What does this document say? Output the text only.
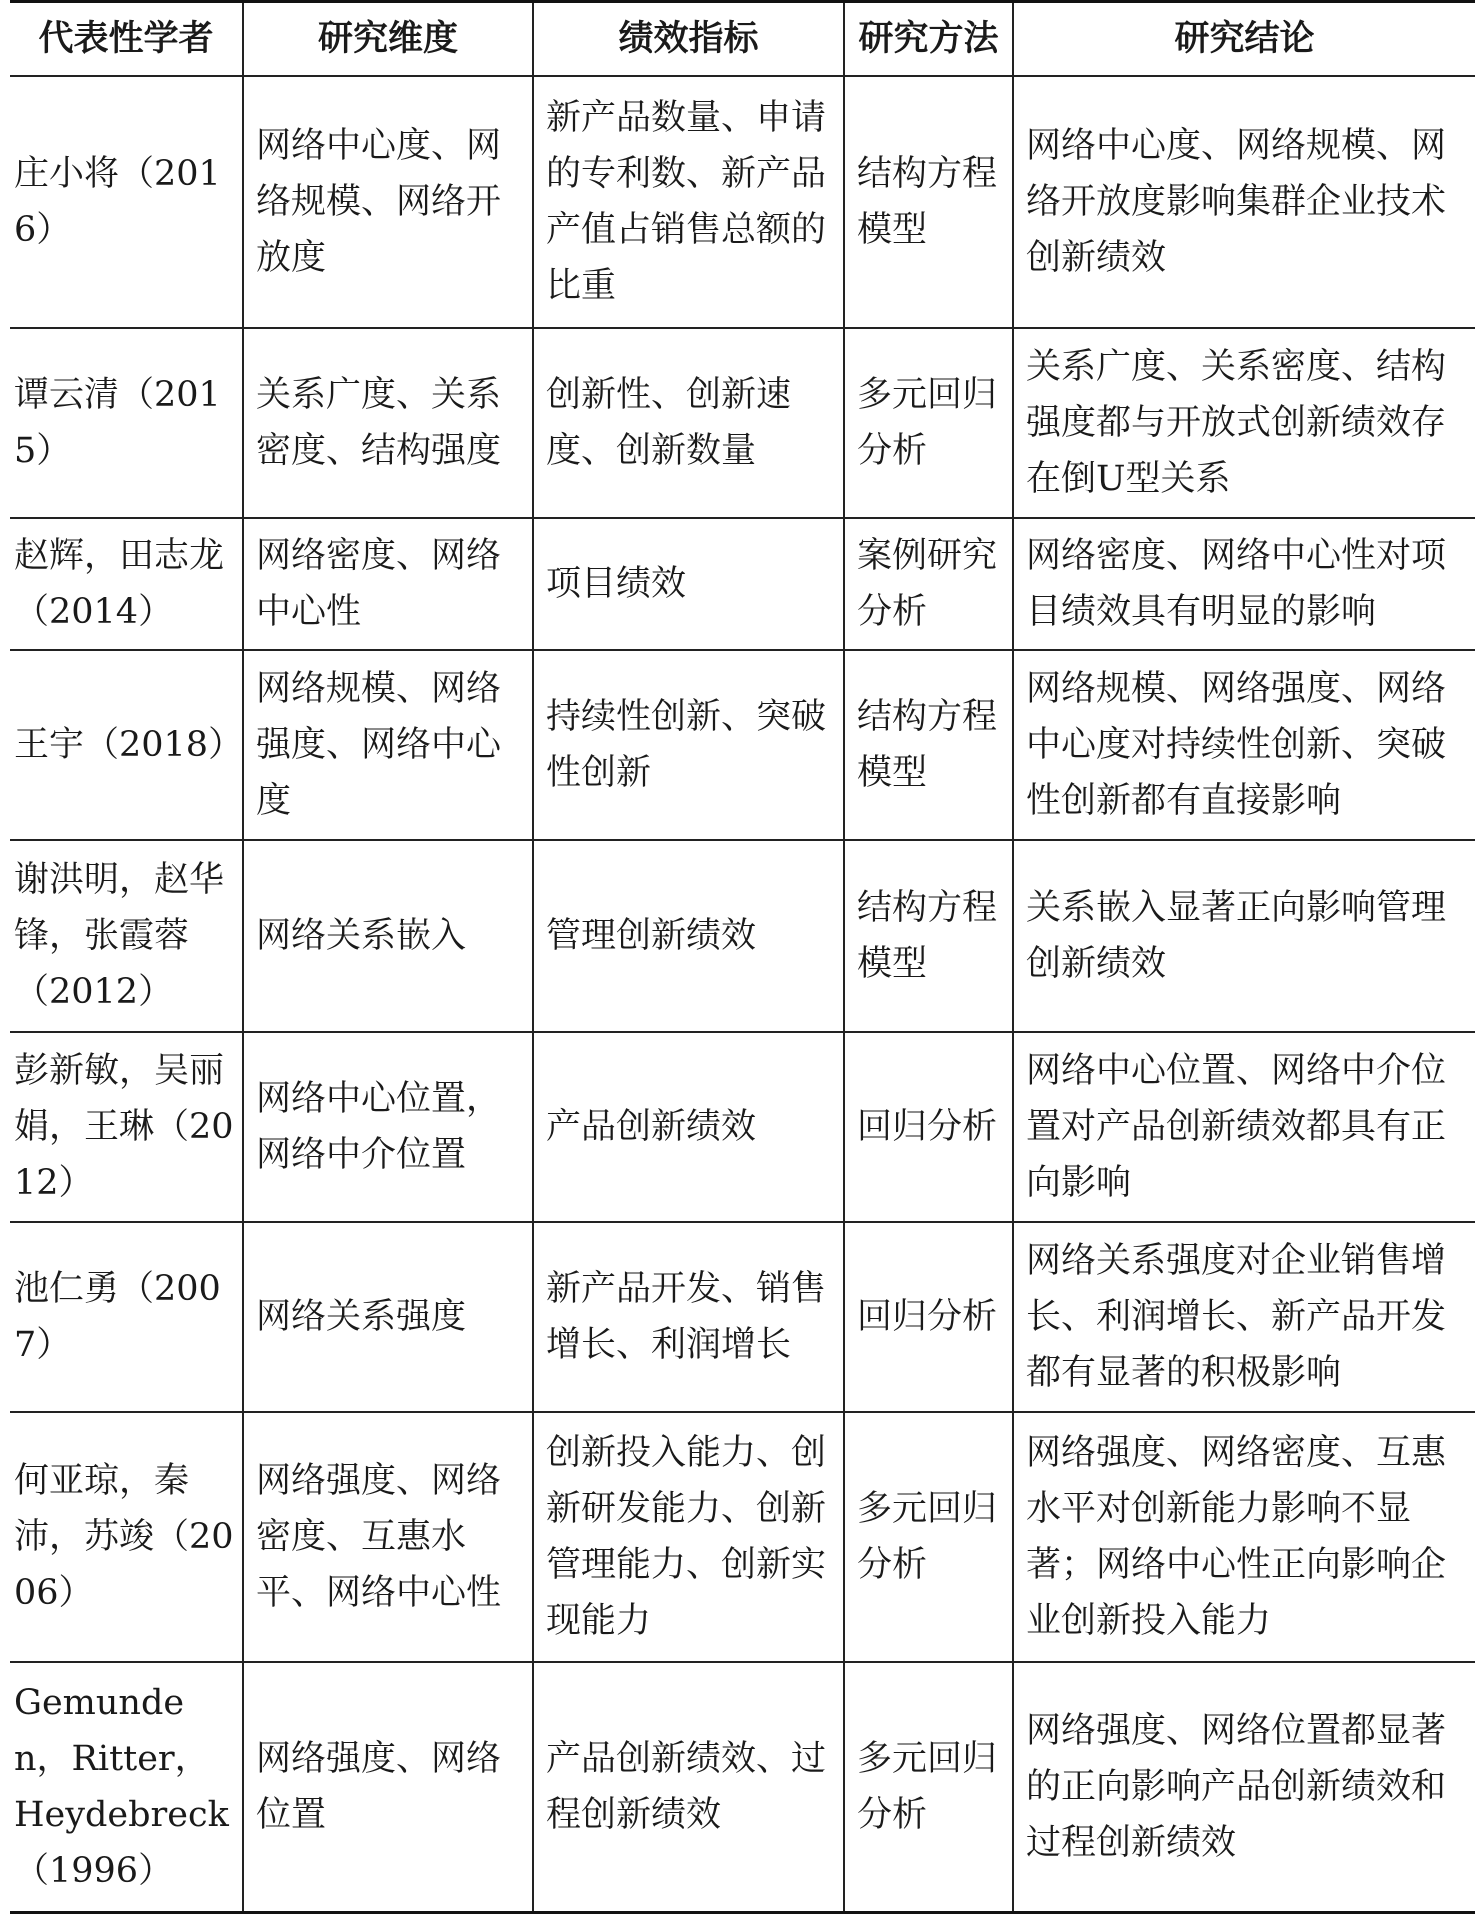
代表性学者	研究维度	绩效指标	研究方法	研究结论
庄小将（2016）	网络中心度、网络规模、网络开放度	新产品数量、申请的专利数、新产品产值占销售总额的比重	结构方程模型	网络中心度、网络规模、网络开放度影响集群企业技术创新绩效
谭云清（2015）	关系广度、关系密度、结构强度	创新性、创新速度、创新数量	多元回归分析	关系广度、关系密度、结构强度都与开放式创新绩效存在倒U型关系
赵辉，田志龙（2014）	网络密度、网络中心性	项目绩效	案例研究分析	网络密度、网络中心性对项目绩效具有明显的影响
王宇（2018）	网络规模、网络强度、网络中心度	持续性创新、突破性创新	结构方程模型	网络规模、网络强度、网络中心度对持续性创新、突破性创新都有直接影响
谢洪明，赵华锋，张霞蓉（2012）	网络关系嵌入	管理创新绩效	结构方程模型	关系嵌入显著正向影响管理创新绩效
彭新敏，吴丽娟，王琳（2012）	网络中心位置，网络中介位置	产品创新绩效	回归分析	网络中心位置、网络中介位置对产品创新绩效都具有正向影响
池仁勇（2007）	网络关系强度	新产品开发、销售增长、利润增长	回归分析	网络关系强度对企业销售增长、利润增长、新产品开发都有显著的积极影响
何亚琼，秦沛，苏竣（2006）	网络强度、网络密度、互惠水平、网络中心性	创新投入能力、创新研发能力、创新管理能力、创新实现能力	多元回归分析	网络强度、网络密度、互惠水平对创新能力影响不显著；网络中心性正向影响企业创新投入能力
Gemunden，Ritter，Heydebreck（1996）	网络强度、网络位置	产品创新绩效、过程创新绩效	多元回归分析	网络强度、网络位置都显著的正向影响产品创新绩效和过程创新绩效
